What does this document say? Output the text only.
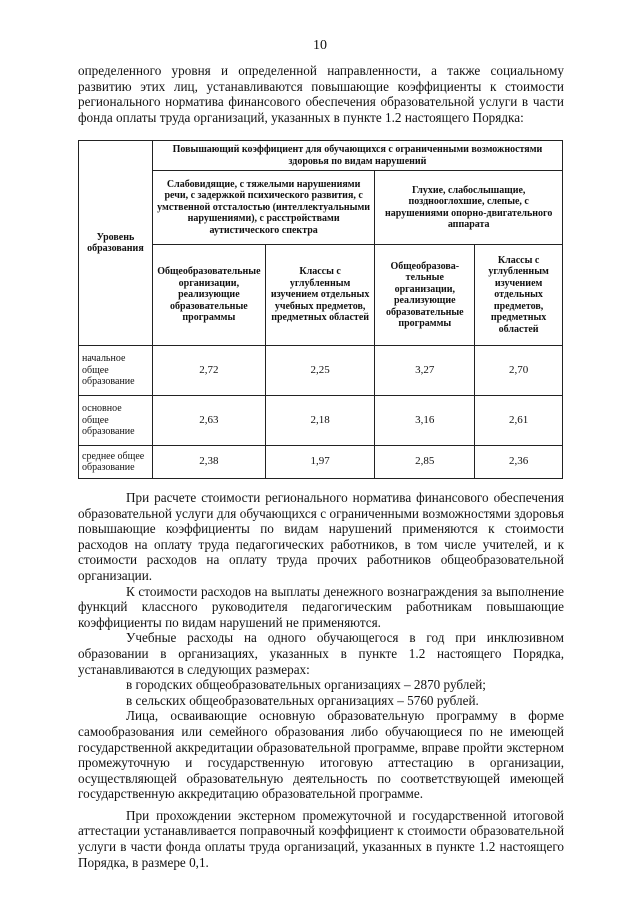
10

определенного уровня и определенной направленности, а также социальному развитию этих лиц, устанавливаются повышающие коэффициенты к стоимости регионального норматива финансового обеспечения образовательной услуги в части фонда оплаты труда организаций, указанных в пункте 1.2 настоящего Порядка:

Уровень образования	Повышающий коэффициент для обучающихся с ограниченными возможностями здоровья по видам нарушений			
	Слабовидящие, с тяжелыми нарушениями речи, с задержкой психического развития, с умственной отсталостью (интеллектуальными нарушениями), с расстройствами аутистического спектра		Глухие, слабослышащие, позднооглохшие, слепые, с нарушениями опорно-двигательного аппарата	
	Общеобразовательные организации, реализующие образовательные программы	Классы с углубленным изучением отдельных учебных предметов, предметных областей	Общеобразова-тельные организации, реализующие образовательные программы	Классы с углубленным изучением отдельных предметов, предметных областей
начальное общее образование	2,72	2,25	3,27	2,70
основное общее образование	2,63	2,18	3,16	2,61
среднее общее образование	2,38	1,97	2,85	2,36

При расчете стоимости регионального норматива финансового обеспечения образовательной услуги для обучающихся с ограниченными возможностями здоровья повышающие коэффициенты по видам нарушений применяются к стоимости расходов на оплату труда педагогических работников, в том числе учителей, и к стоимости расходов на оплату труда прочих работников общеобразовательной организации.

К стоимости расходов на выплаты денежного вознаграждения за выполнение функций классного руководителя педагогическим работникам повышающие коэффициенты по видам нарушений не применяются.

Учебные расходы на одного обучающегося в год при инклюзивном образовании в организациях, указанных в пункте 1.2 настоящего Порядка, устанавливаются в следующих размерах:

в городских общеобразовательных организациях – 2870 рублей;

в сельских общеобразовательных организациях – 5760 рублей.

Лица, осваивающие основную образовательную программу в форме самообразования или семейного образования либо обучающиеся по не имеющей государственной аккредитации образовательной программе, вправе пройти экстерном промежуточную и государственную итоговую аттестацию в организации, осуществляющей образовательную деятельность по соответствующей имеющей государственную аккредитацию образовательной программе.

При прохождении экстерном промежуточной и государственной итоговой аттестации устанавливается поправочный коэффициент к стоимости образовательной услуги в части фонда оплаты труда организаций, указанных в пункте 1.2 настоящего Порядка, в размере 0,1.
